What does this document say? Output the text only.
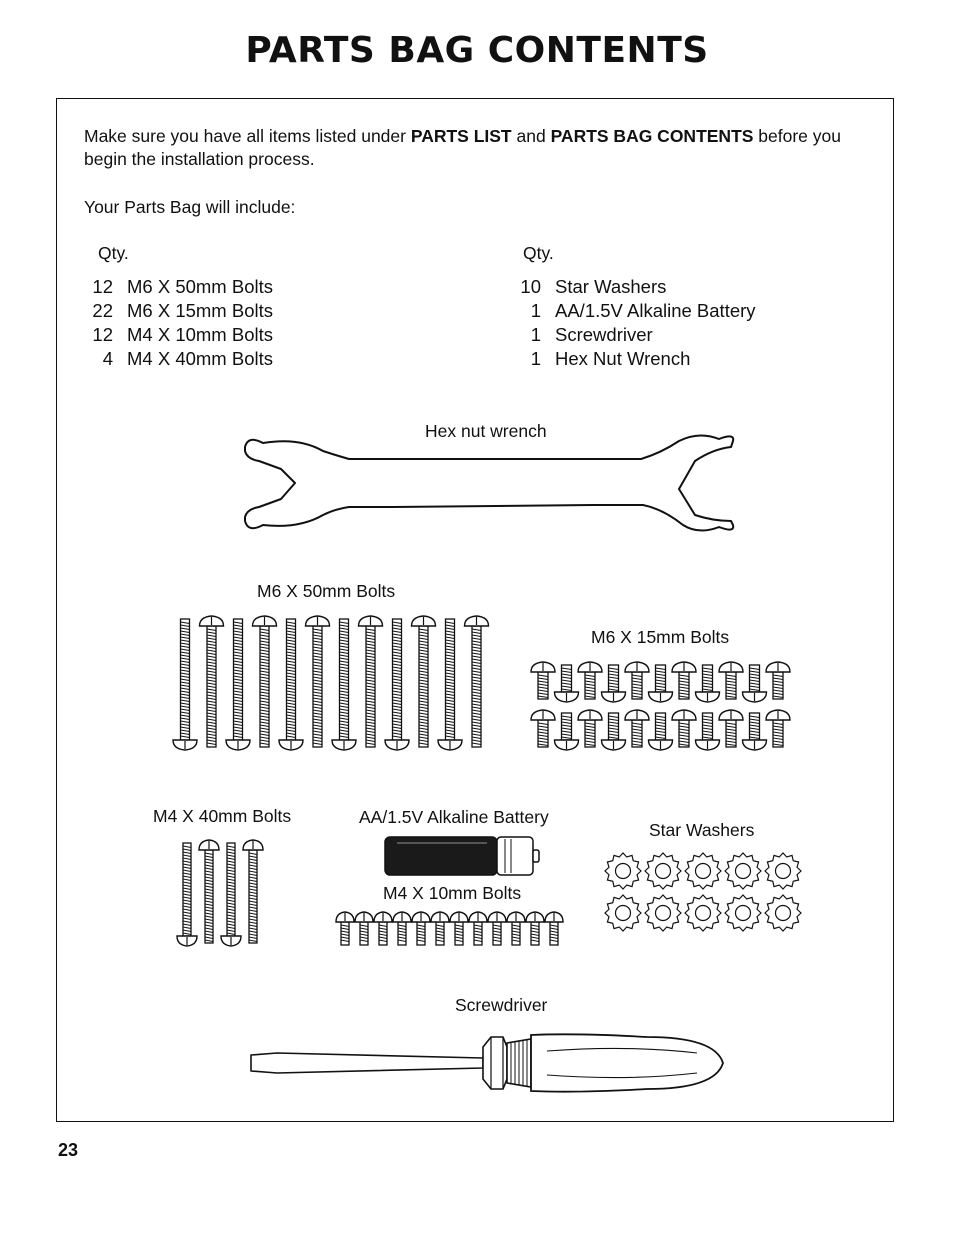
PARTS BAG CONTENTS

Make sure you have all items listed under PARTS LIST and PARTS BAG CONTENTS before you begin the installation process.

Your Parts Bag will include:

Qty.	Qty.
12 M6 X 50mm Bolts
22 M6 X 15mm Bolts
12 M4 X 10mm Bolts
4 M4 X 40mm Bolts
10 Star Washers
1 AA/1.5V Alkaline Battery
1 Screwdriver
1 Hex Nut Wrench
Hex nut wrench
M6 X 50mm Bolts
M6 X 15mm Bolts
M4 X 40mm Bolts	AA/1.5V Alkaline Battery
M4 X 10mm Bolts
Star Washers
Screwdriver
23
